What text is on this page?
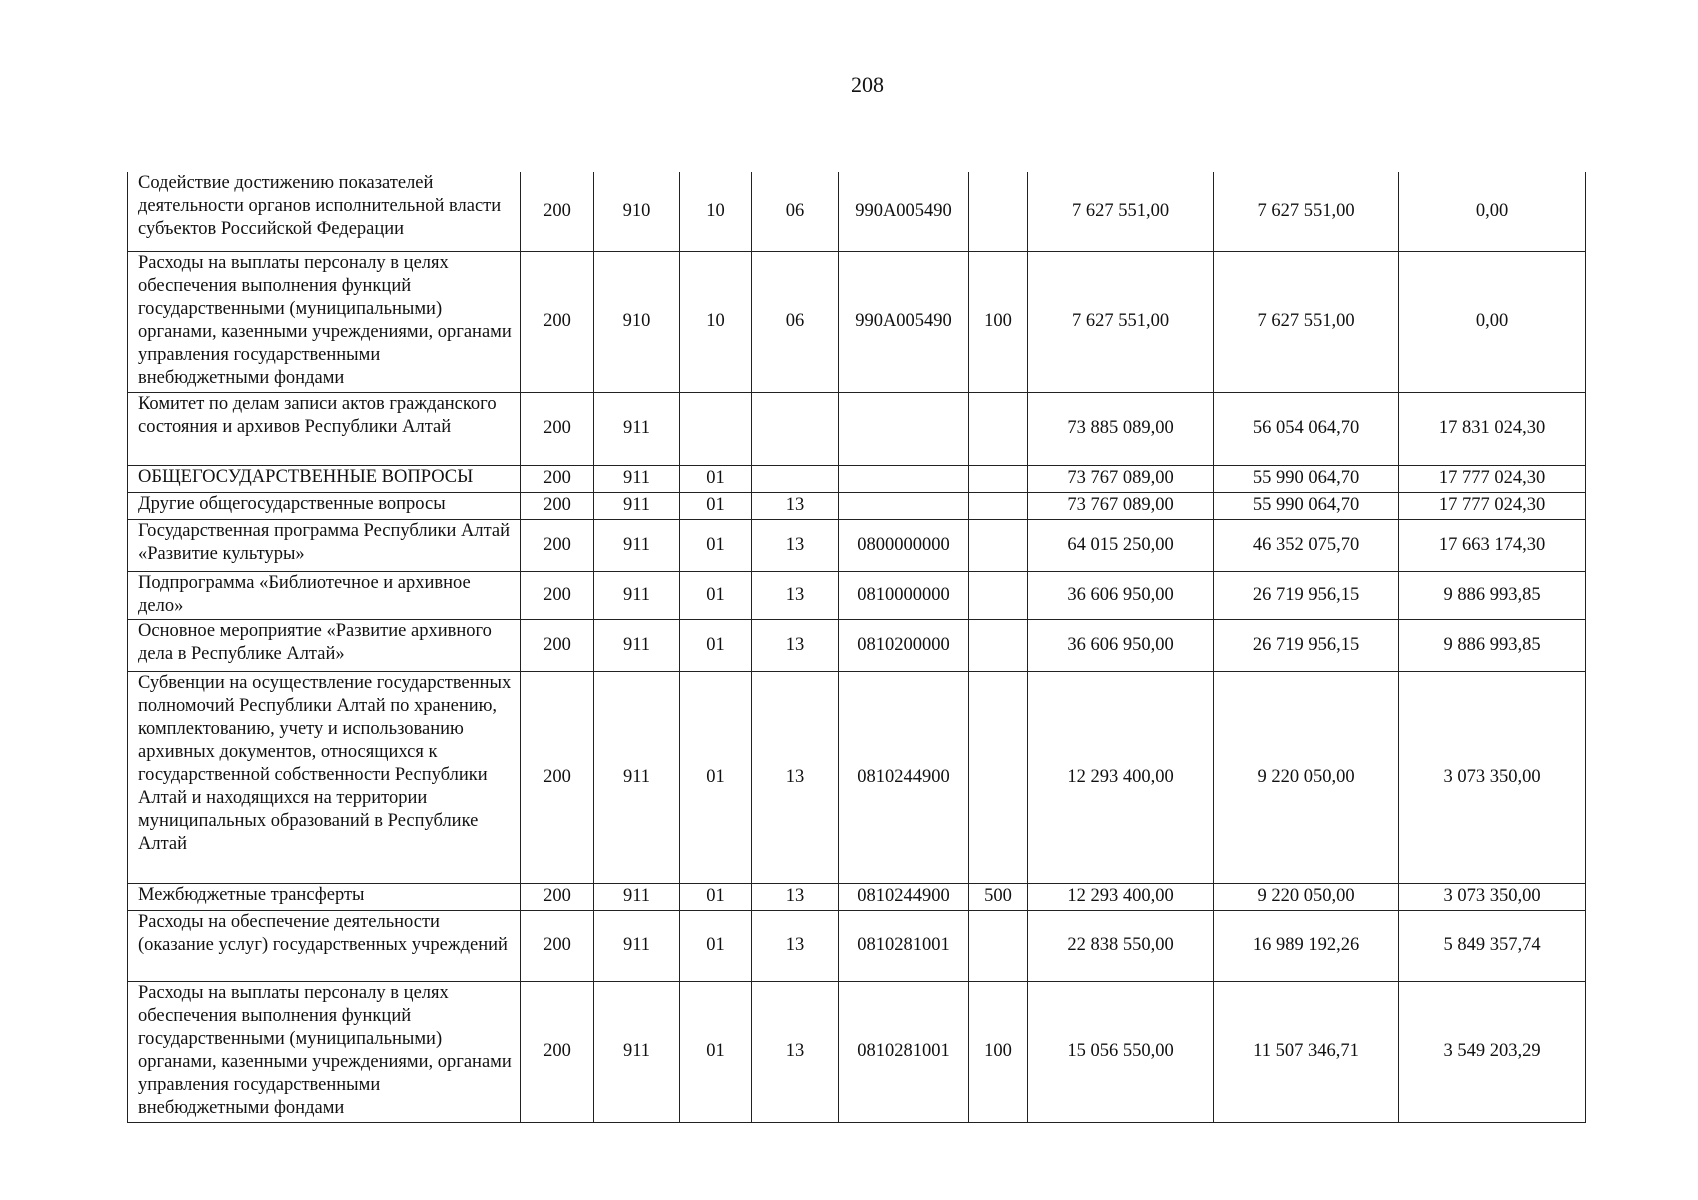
208
Содействие достижению показателей деятельности органов исполнительной власти субъектов Российской Федерации	200	910	10	06	990А005490		7 627 551,00	7 627 551,00	0,00
Расходы на выплаты персоналу в целях обеспечения выполнения функций государственными (муниципальными) органами, казенными учреждениями, органами управления государственными внебюджетными фондами	200	910	10	06	990А005490	100	7 627 551,00	7 627 551,00	0,00
Комитет по делам записи актов гражданского состояния и архивов Республики Алтай	200	911					73 885 089,00	56 054 064,70	17 831 024,30
ОБЩЕГОСУДАРСТВЕННЫЕ ВОПРОСЫ	200	911	01				73 767 089,00	55 990 064,70	17 777 024,30
Другие общегосударственные вопросы	200	911	01	13			73 767 089,00	55 990 064,70	17 777 024,30
Государственная программа Республики Алтай «Развитие культуры»	200	911	01	13	0800000000		64 015 250,00	46 352 075,70	17 663 174,30
Подпрограмма «Библиотечное и архивное дело»	200	911	01	13	0810000000		36 606 950,00	26 719 956,15	9 886 993,85
Основное мероприятие «Развитие архивного дела в Республике Алтай»	200	911	01	13	0810200000		36 606 950,00	26 719 956,15	9 886 993,85
Субвенции на осуществление государственных полномочий Республики Алтай по хранению, комплектованию, учету и использованию архивных документов, относящихся к государственной собственности Республики Алтай и находящихся на территории муниципальных образований в Республике Алтай	200	911	01	13	0810244900		12 293 400,00	9 220 050,00	3 073 350,00
Межбюджетные трансферты	200	911	01	13	0810244900	500	12 293 400,00	9 220 050,00	3 073 350,00
Расходы на обеспечение деятельности (оказание услуг) государственных учреждений	200	911	01	13	0810281001		22 838 550,00	16 989 192,26	5 849 357,74
Расходы на выплаты персоналу в целях обеспечения выполнения функций государственными (муниципальными) органами, казенными учреждениями, органами управления государственными внебюджетными фондами	200	911	01	13	0810281001	100	15 056 550,00	11 507 346,71	3 549 203,29
